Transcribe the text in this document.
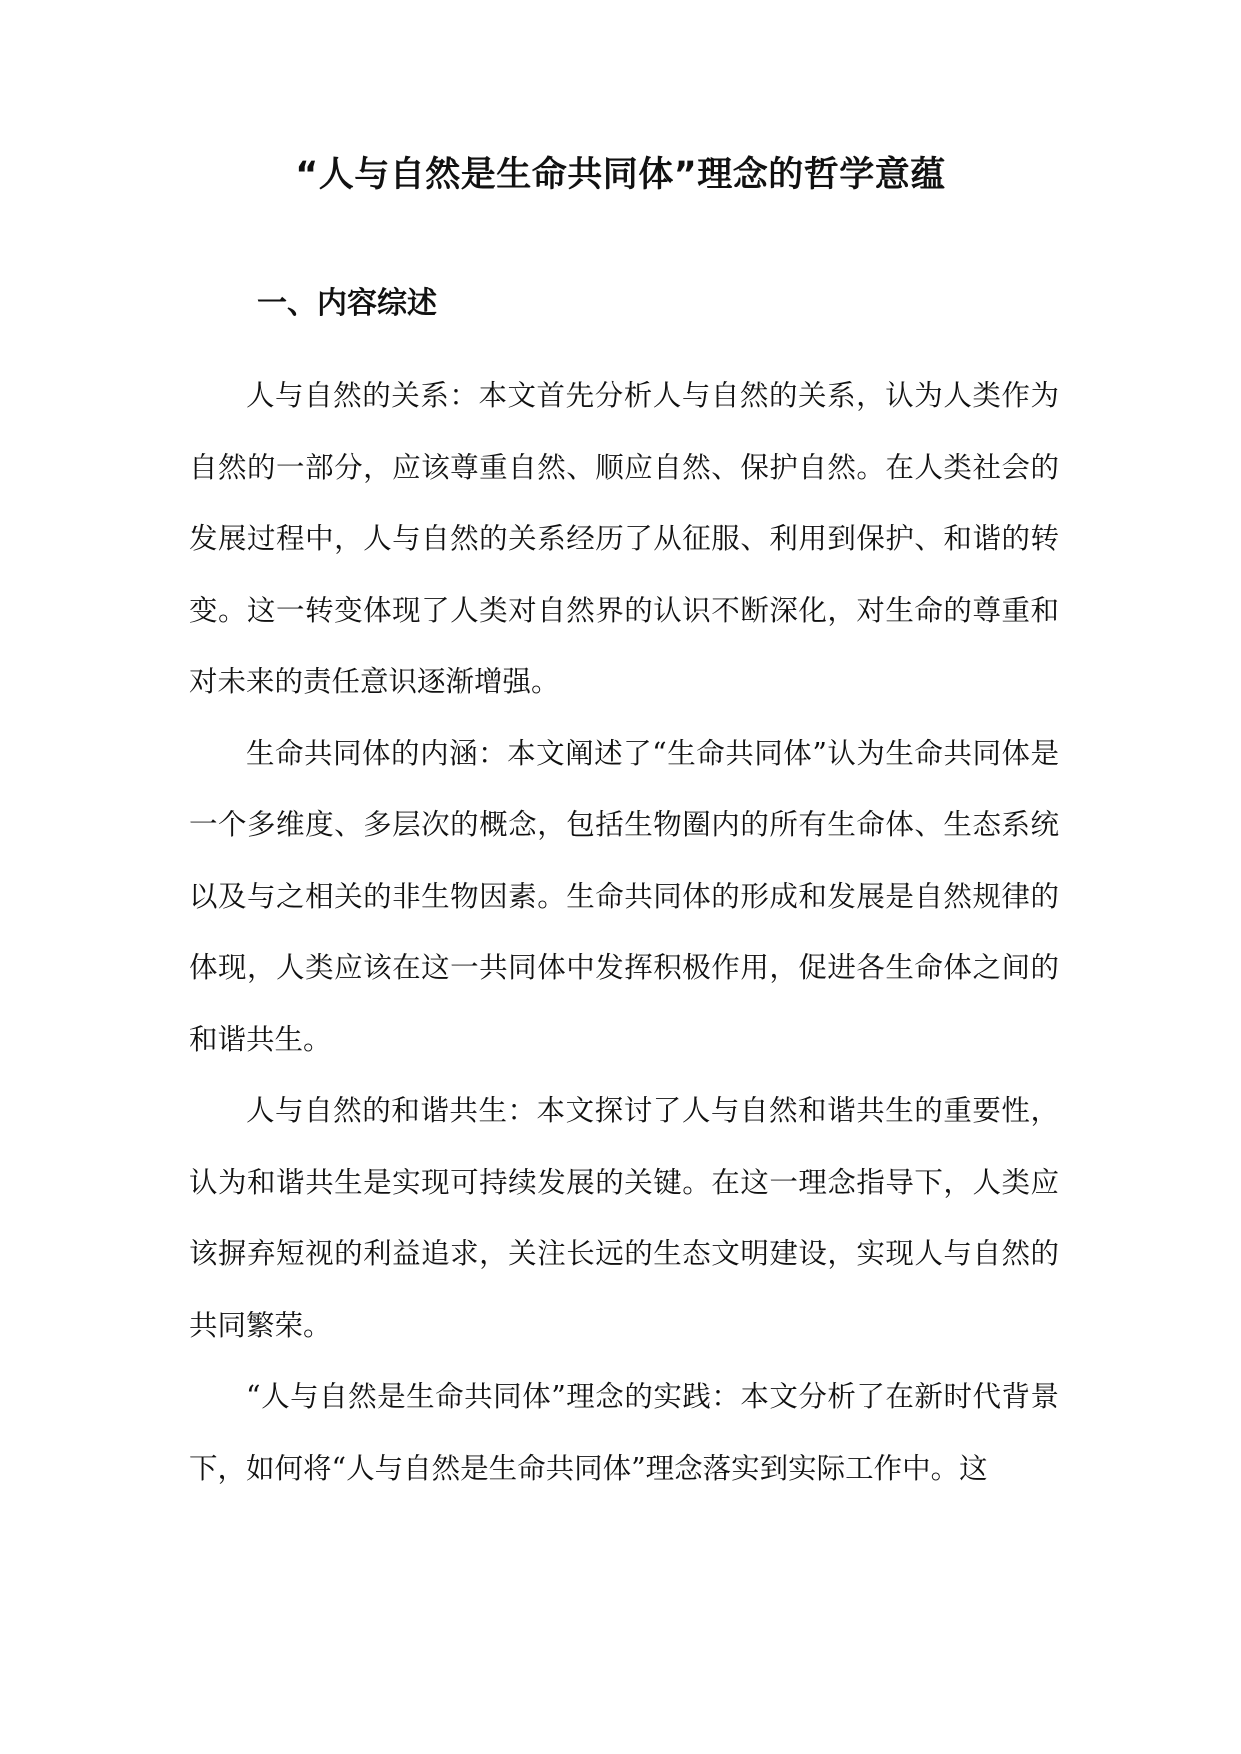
“人与自然是生命共同体”理念的哲学意蕴
一、内容综述

人与自然的关系：本文首先分析人与自然的关系，认为人类作为自然的一部分，应该尊重自然、顺应自然、保护自然。在人类社会的发展过程中，人与自然的关系经历了从征服、利用到保护、和谐的转变。这一转变体现了人类对自然界的认识不断深化，对生命的尊重和对未来的责任意识逐渐增强。

生命共同体的内涵：本文阐述了“生命共同体”认为生命共同体是一个多维度、多层次的概念，包括生物圈内的所有生命体、生态系统以及与之相关的非生物因素。生命共同体的形成和发展是自然规律的体现，人类应该在这一共同体中发挥积极作用，促进各生命体之间的和谐共生。

人与自然的和谐共生：本文探讨了人与自然和谐共生的重要性，认为和谐共生是实现可持续发展的关键。在这一理念指导下，人类应该摒弃短视的利益追求，关注长远的生态文明建设，实现人与自然的共同繁荣。

“人与自然是生命共同体”理念的实践：本文分析了在新时代背景下，如何将“人与自然是生命共同体”理念落实到实际工作中。这
